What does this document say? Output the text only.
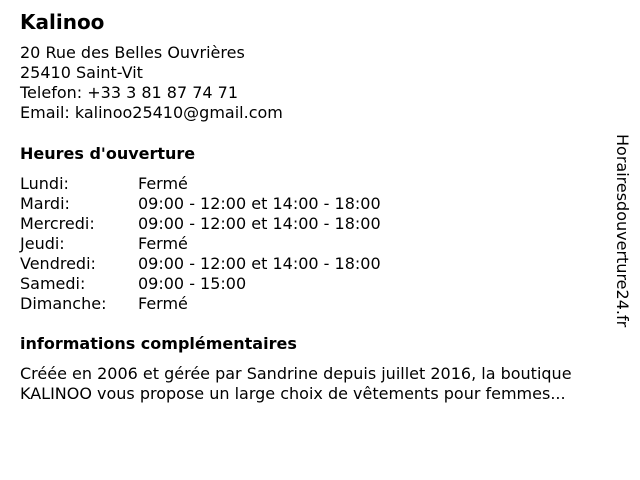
Kalinoo
20 Rue des Belles Ouvrières
25410 Saint-Vit
Telefon: +33 3 81 87 74 71
Email: kalinoo25410@gmail.com
Heures d'ouverture
Lundi:	Fermé
Mardi:	09:00 - 12:00 et 14:00 - 18:00
Mercredi:	09:00 - 12:00 et 14:00 - 18:00
Jeudi:	Fermé
Vendredi:	09:00 - 12:00 et 14:00 - 18:00
Samedi:	09:00 - 15:00
Dimanche: Fermé
informations complémentaires
Créée en 2006 et gérée par Sandrine depuis juillet 2016, la boutique
KALINOO vous propose un large choix de vêtements pour femmes...
Horairesdouverture24.fr
